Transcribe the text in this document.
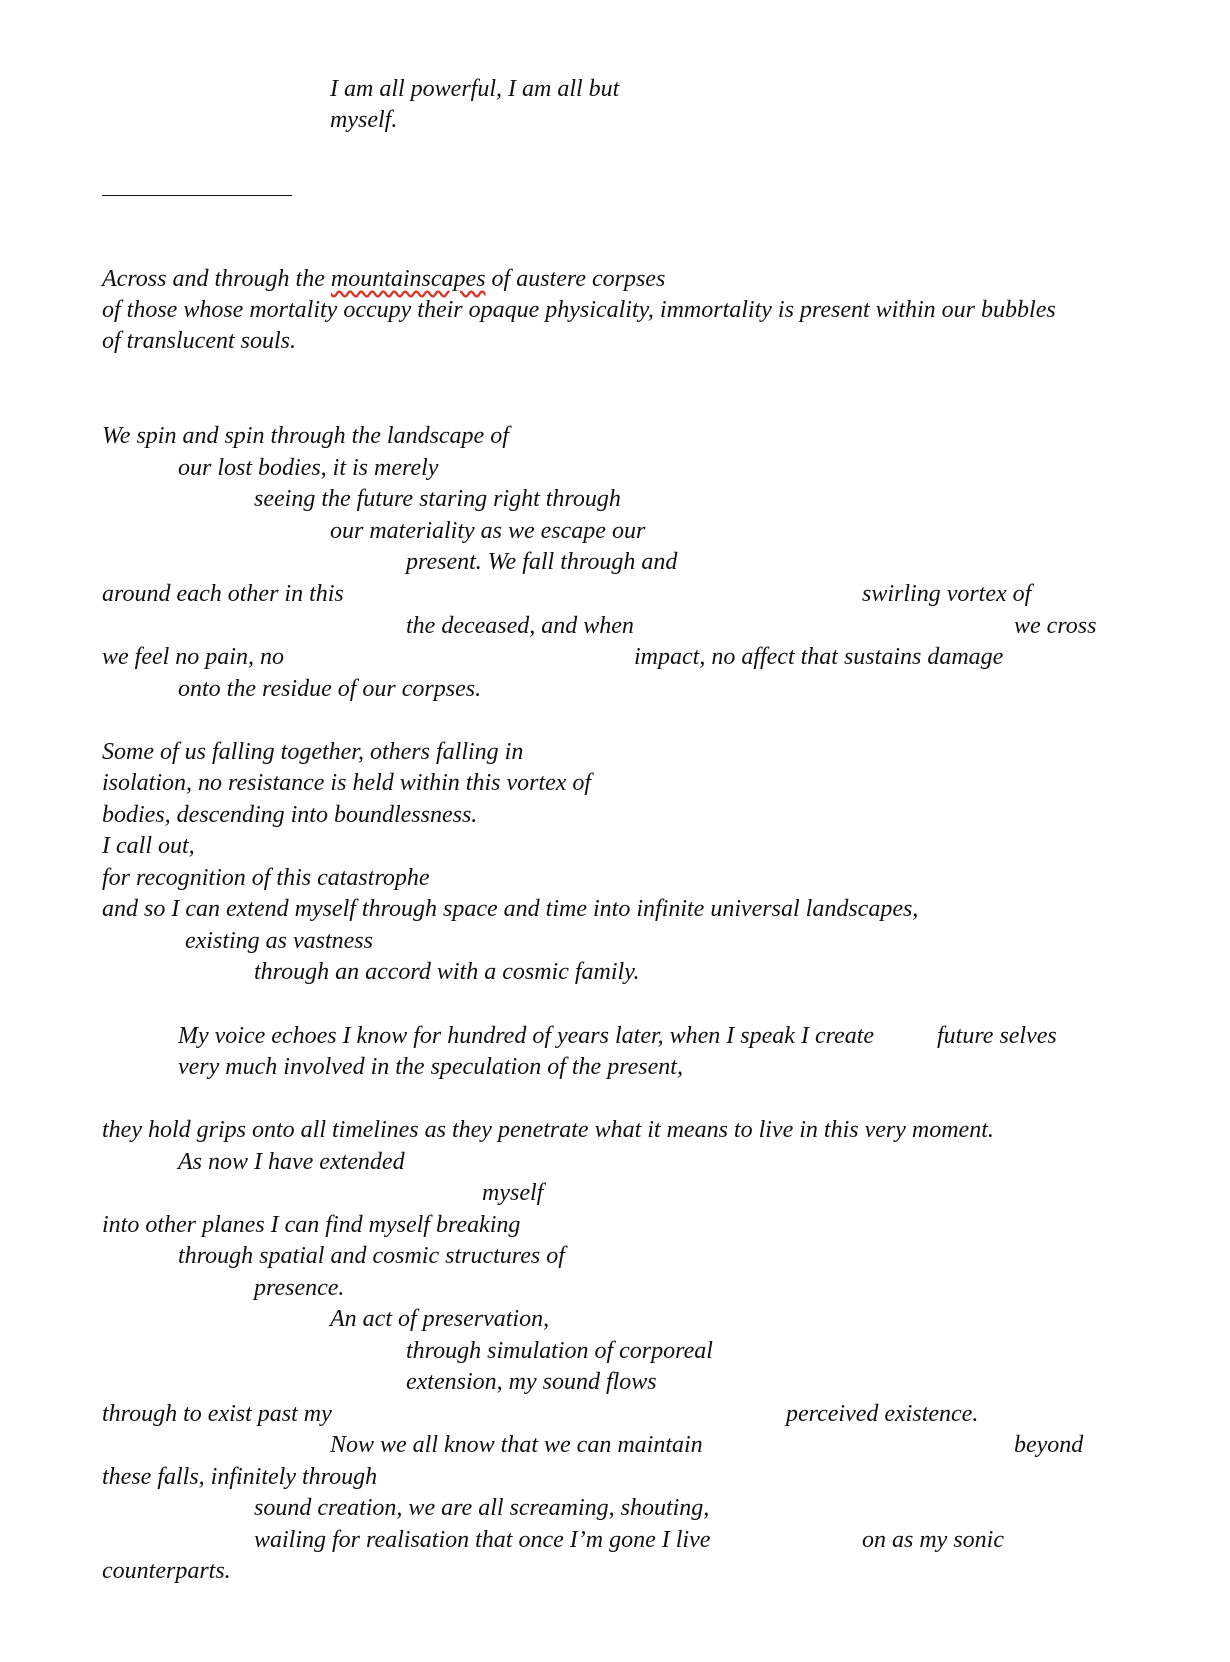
I am all powerful, I am all but
myself.
Across and through the mountainscapes of austere corpses
of those whose mortality occupy their opaque physicality, immortality is present within our bubbles
of translucent souls.
We spin and spin through the landscape of
our lost bodies, it is merely
seeing the future staring right through
our materiality as we escape our
present. We fall through and
around each other in this	swirling vortex of
the deceased, and when	we cross
we feel no pain, no	impact, no affect that sustains damage
onto the residue of our corpses.
Some of us falling together, others falling in
isolation, no resistance is held within this vortex of
bodies, descending into boundlessness.
I call out,
for recognition of this catastrophe
and so I can extend myself through space and time into infinite universal landscapes,
existing as vastness
through an accord with a cosmic family.
My voice echoes I know for hundred of years later, when I speak I create	future selves
very much involved in the speculation of the present,
they hold grips onto all timelines as they penetrate what it means to live in this very moment.
As now I have extended
myself
into other planes I can find myself breaking
through spatial and cosmic structures of
presence.
An act of preservation,
through simulation of corporeal
extension, my sound flows
through to exist past my	perceived existence.
Now we all know that we can maintain	beyond
these falls, infinitely through
sound creation, we are all screaming, shouting,
wailing for realisation that once I’m gone I live	on as my sonic
counterparts.
